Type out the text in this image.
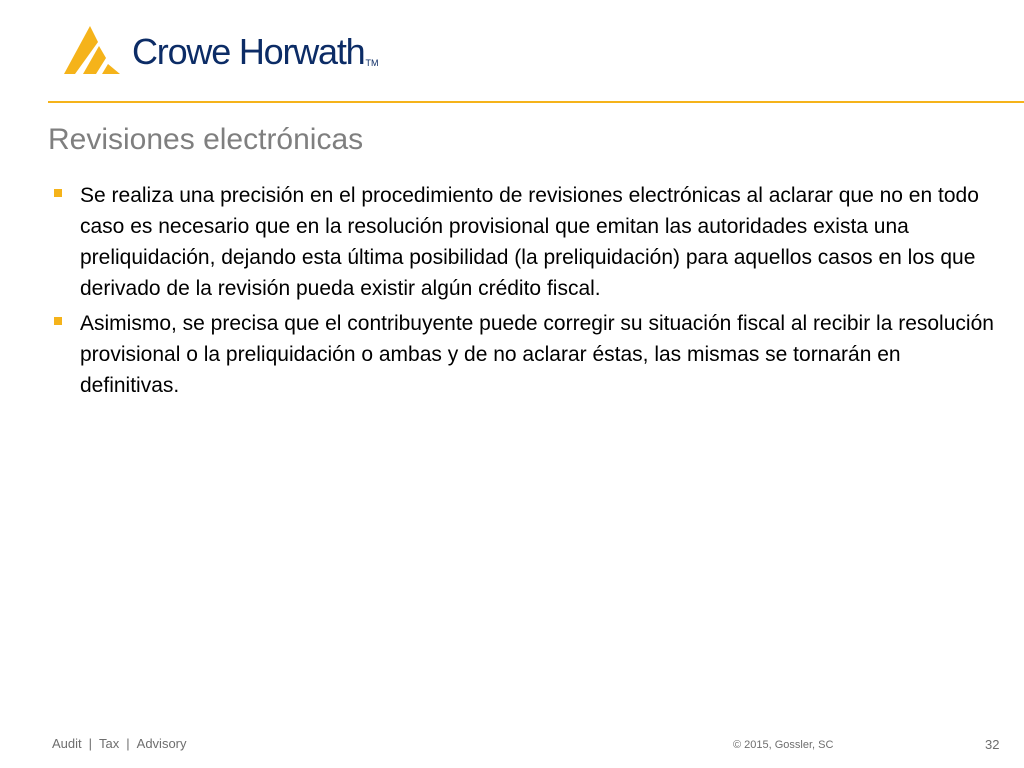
Crowe HorwathTM
Revisiones electrónicas

Se realiza una precisión en el procedimiento de revisiones electrónicas al aclarar que no en todo caso es necesario que en la resolución provisional que emitan las autoridades exista una preliquidación, dejando esta última posibilidad (la preliquidación) para aquellos casos en los que derivado de la revisión pueda existir algún crédito fiscal.

Asimismo, se precisa que el contribuyente puede corregir su situación fiscal al recibir la resolución provisional o la preliquidación o ambas y de no aclarar éstas, las mismas se tornarán en definitivas.

Audit | Tax | Advisory	© 2015, Gossler, SC	32
